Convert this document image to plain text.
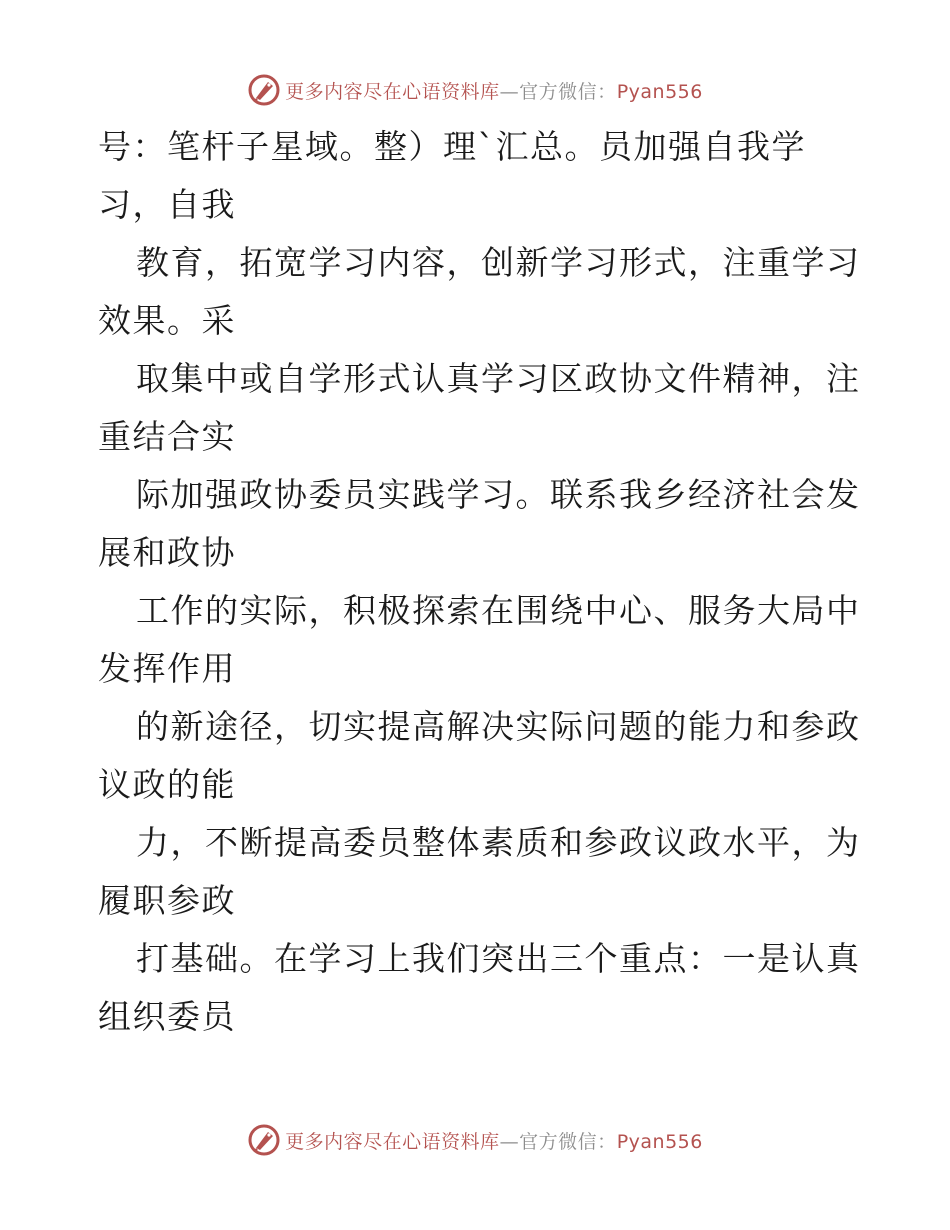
更多内容尽在心语资料库—官方微信：Pyan556
号：笔杆子星域。整）理`汇总。员加强自我学
习，自我
教育，拓宽学习内容，创新学习形式，注重学习
效果。采
取集中或自学形式认真学习区政协文件精神，注
重结合实
际加强政协委员实践学习。联系我乡经济社会发
展和政协
工作的实际，积极探索在围绕中心、服务大局中
发挥作用
的新途径，切实提高解决实际问题的能力和参政
议政的能
力，不断提高委员整体素质和参政议政水平，为
履职参政
打基础。在学习上我们突出三个重点：一是认真
组织委员
更多内容尽在心语资料库—官方微信：Pyan556
